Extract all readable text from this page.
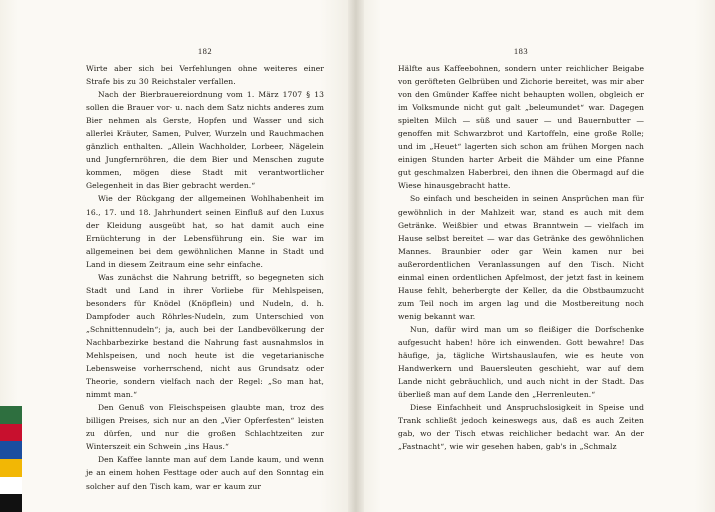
182	183

Wirte aber sich bei Verfehlungen ohne weiteres einer Strafe bis zu 30 Reichstaler verfallen.

Nach der Bierbrauereiordnung vom 1. März 1707 § 13 sollen die Brauer vor- u. nach dem Satz nichts anderes zum Bier nehmen als Gerste, Hopfen und Wasser und sich allerlei Kräuter, Samen, Pulver, Wurzeln und Rauchmachen gänzlich enthalten. „Allein Wachholder, Lorbeer, Nägelein und Jungfernröhren, die dem Bier und Menschen zugute kommen, mögen diese Stadt mit verantwortlicher Gelegenheit in das Bier gebracht werden.“

Wie der Rückgang der allgemeinen Wohlhabenheit im 16., 17. und 18. Jahrhundert seinen Einfluß auf den Luxus der Kleidung ausgeübt hat, so hat damit auch eine Ernüchterung in der Lebensführung ein. Sie war im allgemeinen bei dem gewöhnlichen Manne in Stadt und Land in diesem Zeitraum eine sehr einfache.

Was zunächst die Nahrung betrifft, so begegneten sich Stadt und Land in ihrer Vorliebe für Mehlspeisen, besonders für Knödel (Knöpflein) und Nudeln, d. h. Dampfoder auch Röhrles-Nudeln, zum Unterschied von „Schnittennudeln“; ja, auch bei der Landbevölkerung der Nachbarbezirke bestand die Nahrung fast ausnahmslos in Mehlspeisen, und noch heute ist die vegetarianische Lebensweise vorherrschend, nicht aus Grundsatz oder Theorie, sondern vielfach nach der Regel: „So man hat, nimmt man.“

Den Genuß von Fleischspeisen glaubte man, troz des billigen Preises, sich nur an den „Vier Opferfesten“ leisten zu dürfen, und nur die großen Schlachtzeiten zur Winterszeit ein Schwein „ins Haus.“

Den Kaffee lannte man auf dem Lande kaum, und wenn je an einem hohen Festtage oder auch auf den Sonntag ein solcher auf den Tisch kam, war er kaum zur

Hälfte aus Kaffeebohnen, sondern unter reichlicher Beigabe von geröfteten Gelbrüben und Zichorie bereitet, was mir aber von den Gmünder Kaffee nicht behaupten wollen, obgleich er im Volksmunde nicht gut galt „beleumundet“ war. Dagegen spielten Milch — süß und sauer — und Bauernbutter — genoffen mit Schwarzbrot und Kartoffeln, eine große Rolle; und im „Heuet“ lagerten sich schon am frühen Morgen nach einigen Stunden harter Arbeit die Mähder um eine Pfanne gut geschmalzen Haberbrei, den ihnen die Obermagd auf die Wiese hinausgebracht hatte.

So einfach und bescheiden in seinen Ansprüchen man für gewöhnlich in der Mahlzeit war, stand es auch mit dem Getränke. Weißbier und etwas Branntwein — vielfach im Hause selbst bereitet — war das Getränke des gewöhnlichen Mannes. Braunbier oder gar Wein kamen nur bei außerordentlichen Veranlassungen auf den Tisch. Nicht einmal einen ordentlichen Apfelmost, der jetzt fast in keinem Hause fehlt, beherbergte der Keller, da die Obstbaumzucht zum Teil noch im argen lag und die Mostbereitung noch wenig bekannt war.

Nun, dafür wird man um so fleißiger die Dorfschenke aufgesucht haben! höre ich einwenden. Gott bewahre! Das häufige, ja, tägliche Wirtshauslaufen, wie es heute von Handwerkern und Bauersleuten geschieht, war auf dem Lande nicht gebräuchlich, und auch nicht in der Stadt. Das überließ man auf dem Lande den „Herrenleuten.“

Diese Einfachheit und Anspruchslosigkeit in Speise und Trank schließt jedoch keineswegs aus, daß es auch Zeiten gab, wo der Tisch etwas reichlicher bedacht war. An der „Fastnacht“, wie wir gesehen haben, gab's in „Schmalz
